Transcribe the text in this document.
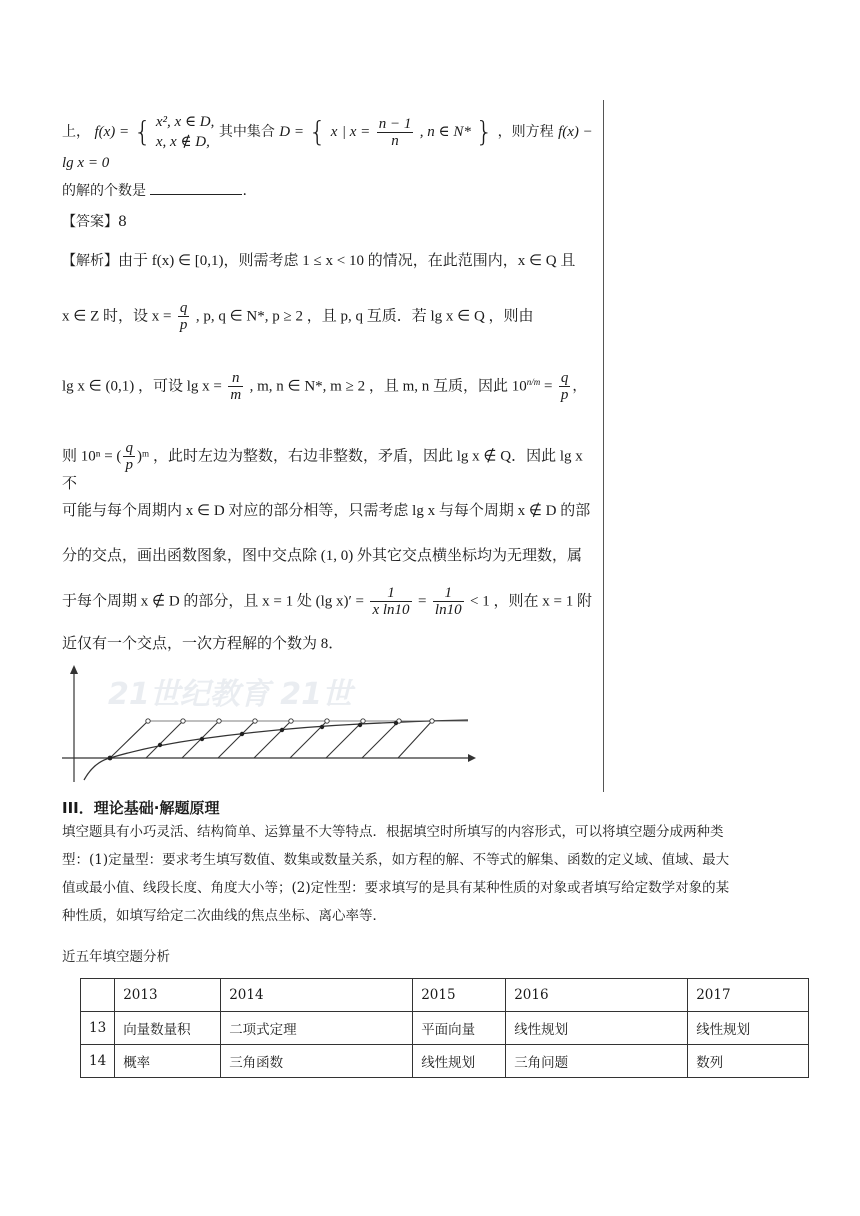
上， f(x) = { x², x ∈ D,
x, x ∉ D,
其中集合 D = { x | $x = \frac{n - 1}{n}$ , n ∈ N* } ，则方程 f(x) − lg x = 0
的解的个数是	.
【答案】8
【解析】由于 f(x) ∈ [0,1)，则需考虑 1 ≤ x < 10 的情况，在此范围内，x ∈ Q 且
x ∈ Z 时，设 $x = \frac{q}{p}$ , p, q ∈ N*, p ≥ 2 ，且 p, q 互质．若 lg x ∈ Q ，则由
lg x ∈ (0,1) ，可设 $\lg x = \frac{n}{m}$ , m, n ∈ N*, m ≥ 2 ，且 m, n 互质，因此 $10^{n/m} = \frac{q}{p}$ ，
则 10ⁿ = ( $\frac{q}{p}$ )ᵐ ，此时左边为整数，右边非整数，矛盾，因此 lg x ∉ Q．因此 lg x 不
可能与每个周期内 x ∈ D 对应的部分相等，只需考虑 lg x 与每个周期 x ∉ D 的部
分的交点，画出函数图象，图中交点除 (1, 0) 外其它交点横坐标均为无理数，属
于每个周期 x ∉ D 的部分，且 x = 1 处 (lg $x)' = \frac{1}{\text{x ln10}} = \frac{1}{\ln 10} < 1$ ，则在 x = 1 附
近仅有一个交点，一次方程解的个数为 8．
21世纪教育 21世
III．理论基础·解题原理
填空题具有小巧灵活、结构简单、运算量不大等特点．根据填空时所填写的内容形式，可以将填空题分成两种类
型：(1)定量型：要求考生填写数值、数集或数量关系，如方程的解、不等式的解集、函数的定义域、值域、最大
值或最小值、线段长度、角度大小等；(2)定性型：要求填写的是具有某种性质的对象或者填写给定数学对象的某
种性质，如填写给定二次曲线的焦点坐标、离心率等．
近五年填空题分析
	2013	2014	2015	2016	2017
13	向量数量积	二项式定理	平面向量	线性规划	线性规划
14	概率	三角函数	线性规划	三角问题	数列
